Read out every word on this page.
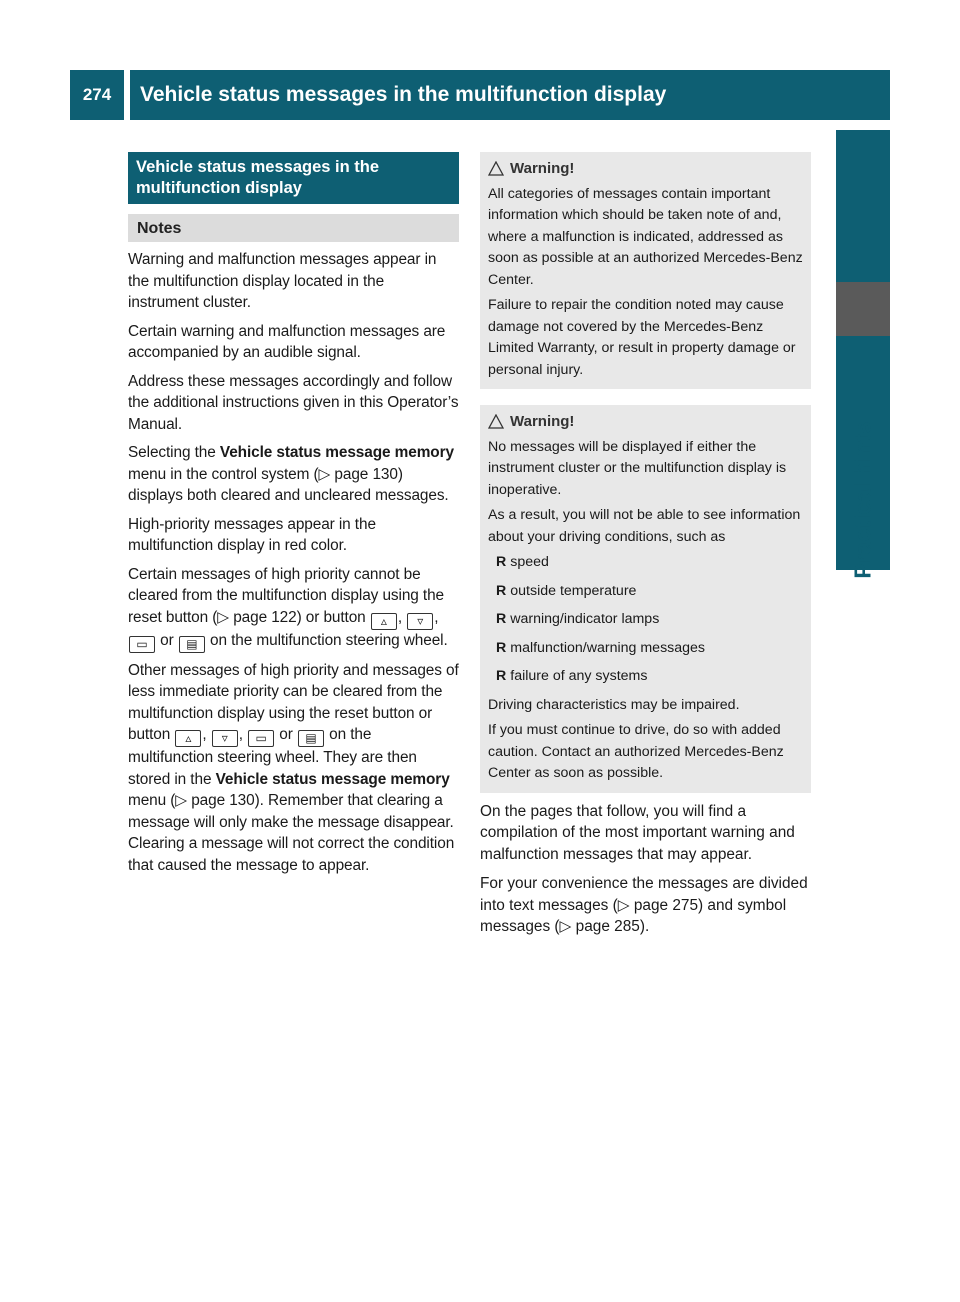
274	Vehicle status messages in the multifunction display
Practical hints
Vehicle status messages in the multifunction display
Notes

Warning and malfunction messages appear in the multifunction display located in the instrument cluster.

Certain warning and malfunction messages are accompanied by an audible signal.

Address these messages accordingly and follow the additional instructions given in this Operator’s Manual.

Selecting the Vehicle status message memory menu in the control system (▷ page 130) displays both cleared and uncleared messages.

High-priority messages appear in the multifunction display in red color.

Certain messages of high priority cannot be cleared from the multifunction display using the reset button (▷ page 122) or button ▵ , ▿ , ▭ or ▤ on the multifunction steering wheel.

Other messages of high priority and messages of less immediate priority can be cleared from the multifunction display using the reset button or button ▵ , ▿ , ▭ or ▤ on the multifunction steering wheel. They are then stored in the Vehicle status message memory menu (▷ page 130). Remember that clearing a message will only make the message disappear. Clearing a message will not correct the condition that caused the message to appear.

Warning!

All categories of messages contain important information which should be taken note of and, where a malfunction is indicated, addressed as soon as possible at an authorized Mercedes-Benz Center.

Failure to repair the condition noted may cause damage not covered by the Mercedes-Benz Limited Warranty, or result in property damage or personal injury.

Warning!

No messages will be displayed if either the instrument cluster or the multifunction display is inoperative.

As a result, you will not be able to see information about your driving conditions, such as

R speed
R outside temperature
R warning/indicator lamps
R malfunction/warning messages
R failure of any systems

Driving characteristics may be impaired.

If you must continue to drive, do so with added caution. Contact an authorized Mercedes-Benz Center as soon as possible.

On the pages that follow, you will find a compilation of the most important warning and malfunction messages that may appear.

For your convenience the messages are divided into text messages (▷ page 275) and symbol messages (▷ page 285).
